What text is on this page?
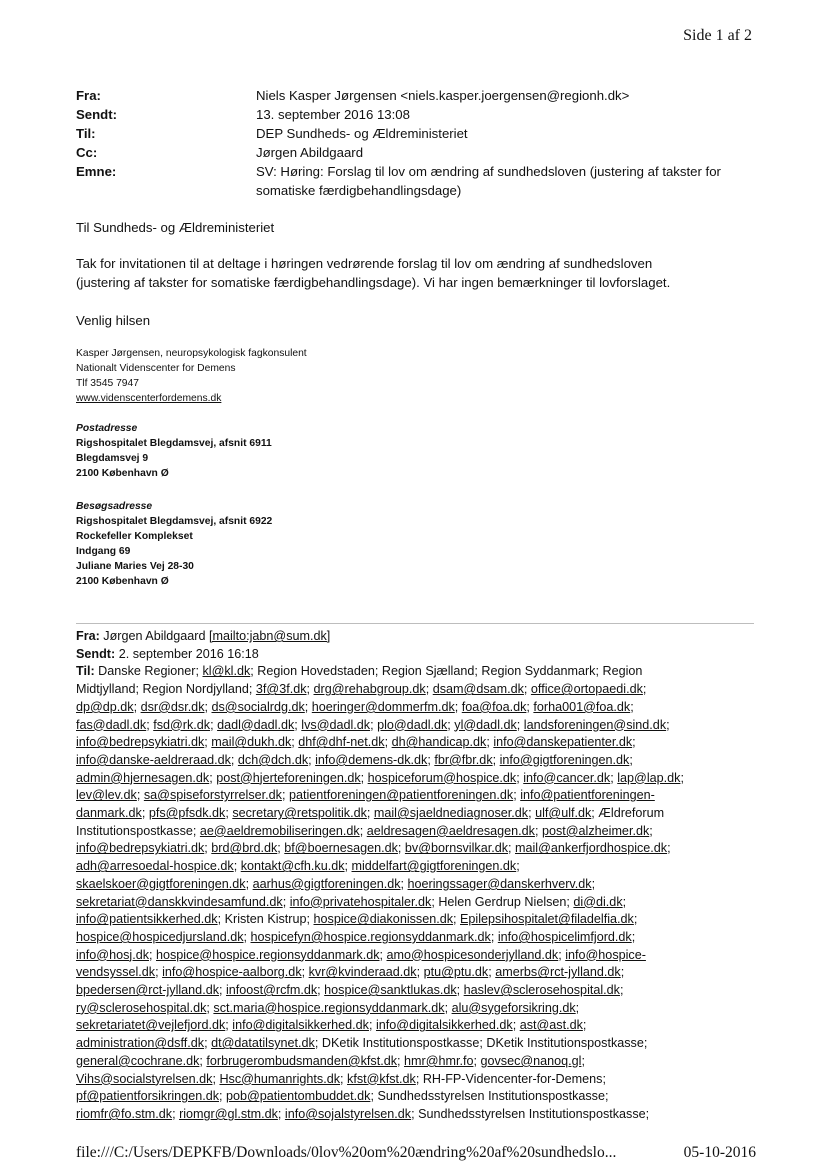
Side 1 af 2
Fra:	Niels Kasper Jørgensen <niels.kasper.joergensen@regionh.dk>
Sendt:	13. september 2016 13:08
Til:	DEP Sundheds- og Ældreministeriet
Cc:	Jørgen Abildgaard
Emne:	SV: Høring: Forslag til lov om ændring af sundhedsloven (justering af takster for
somatiske færdigbehandlingsdage)
Til Sundheds- og Ældreministeriet
Tak for invitationen til at deltage i høringen vedrørende forslag til lov om ændring af sundhedsloven
(justering af takster for somatiske færdigbehandlingsdage). Vi har ingen bemærkninger til lovforslaget.
Venlig hilsen
Kasper Jørgensen, neuropsykologisk fagkonsulent
Nationalt Videnscenter for Demens
Tlf 3545 7947
www.videnscenterfordemens.dk
Postadresse
Rigshospitalet Blegdamsvej, afsnit 6911
Blegdamsvej 9
2100 København Ø
Besøgsadresse
Rigshospitalet Blegdamsvej, afsnit 6922
Rockefeller Komplekset
Indgang 69
Juliane Maries Vej 28-30
2100 København Ø
Fra: Jørgen Abildgaard [mailto:jabn@sum.dk]
Sendt: 2. september 2016 16:18
Til: Danske Regioner; kl@kl.dk; Region Hovedstaden; Region Sjælland; Region Syddanmark; Region
Midtjylland; Region Nordjylland; 3f@3f.dk; drg@rehabgroup.dk; dsam@dsam.dk; office@ortopaedi.dk;
dp@dp.dk; dsr@dsr.dk; ds@socialrdg.dk; hoeringer@dommerfm.dk; foa@foa.dk; forha001@foa.dk;
fas@dadl.dk; fsd@rk.dk; dadl@dadl.dk; lvs@dadl.dk; plo@dadl.dk; yl@dadl.dk; landsforeningen@sind.dk;
info@bedrepsykiatri.dk; mail@dukh.dk; dhf@dhf-net.dk; dh@handicap.dk; info@danskepatienter.dk;
info@danske-aeldreraad.dk; dch@dch.dk; info@demens-dk.dk; fbr@fbr.dk; info@gigtforeningen.dk;
admin@hjernesagen.dk; post@hjerteforeningen.dk; hospiceforum@hospice.dk; info@cancer.dk; lap@lap.dk;
lev@lev.dk; sa@spiseforstyrrelser.dk; patientforeningen@patientforeningen.dk; info@patientforeningen-
danmark.dk; pfs@pfsdk.dk; secretary@retspolitik.dk; mail@sjaeldnediagnoser.dk; ulf@ulf.dk; Ældreforum
Institutionspostkasse; ae@aeldremobiliseringen.dk; aeldresagen@aeldresagen.dk; post@alzheimer.dk;
info@bedrepsykiatri.dk; brd@brd.dk; bf@boernesagen.dk; bv@bornsvilkar.dk; mail@ankerfjordhospice.dk;
adh@arresoedal-hospice.dk; kontakt@cfh.ku.dk; middelfart@gigtforeningen.dk;
skaelskoer@gigtforeningen.dk; aarhus@gigtforeningen.dk; hoeringssager@danskerhverv.dk;
sekretariat@danskkvindesamfund.dk; info@privatehospitaler.dk; Helen Gerdrup Nielsen; di@di.dk;
info@patientsikkerhed.dk; Kristen Kistrup; hospice@diakonissen.dk; Epilepsihospitalet@filadelfia.dk;
hospice@hospicedjursland.dk; hospicefyn@hospice.regionsyddanmark.dk; info@hospicelimfjord.dk;
info@hosj.dk; hospice@hospice.regionsyddanmark.dk; amo@hospicesonderjylland.dk; info@hospice-
vendsyssel.dk; info@hospice-aalborg.dk; kvr@kvinderaad.dk; ptu@ptu.dk; amerbs@rct-jylland.dk;
bpedersen@rct-jylland.dk; infoost@rcfm.dk; hospice@sanktlukas.dk; haslev@sclerosehospital.dk;
ry@sclerosehospital.dk; sct.maria@hospice.regionsyddanmark.dk; alu@sygeforsikring.dk;
sekretariatet@vejlefjord.dk; info@digitalsikkerhed.dk; info@digitalsikkerhed.dk; ast@ast.dk;
administration@dsff.dk; dt@datatilsynet.dk; DKetik Institutionspostkasse; DKetik Institutionspostkasse;
general@cochrane.dk; forbrugerombudsmanden@kfst.dk; hmr@hmr.fo; govsec@nanoq.gl;
Vihs@socialstyrelsen.dk; Hsc@humanrights.dk; kfst@kfst.dk; RH-FP-Videncenter-for-Demens;
pf@patientforsikringen.dk; pob@patientombuddet.dk; Sundhedsstyrelsen Institutionspostkasse;
riomfr@fo.stm.dk; riomgr@gl.stm.dk; info@sojalstyrelsen.dk; Sundhedsstyrelsen Institutionspostkasse;
file:///C:/Users/DEPKFB/Downloads/0lov%20om%20ændring%20af%20sundhedslo...	05-10-2016
